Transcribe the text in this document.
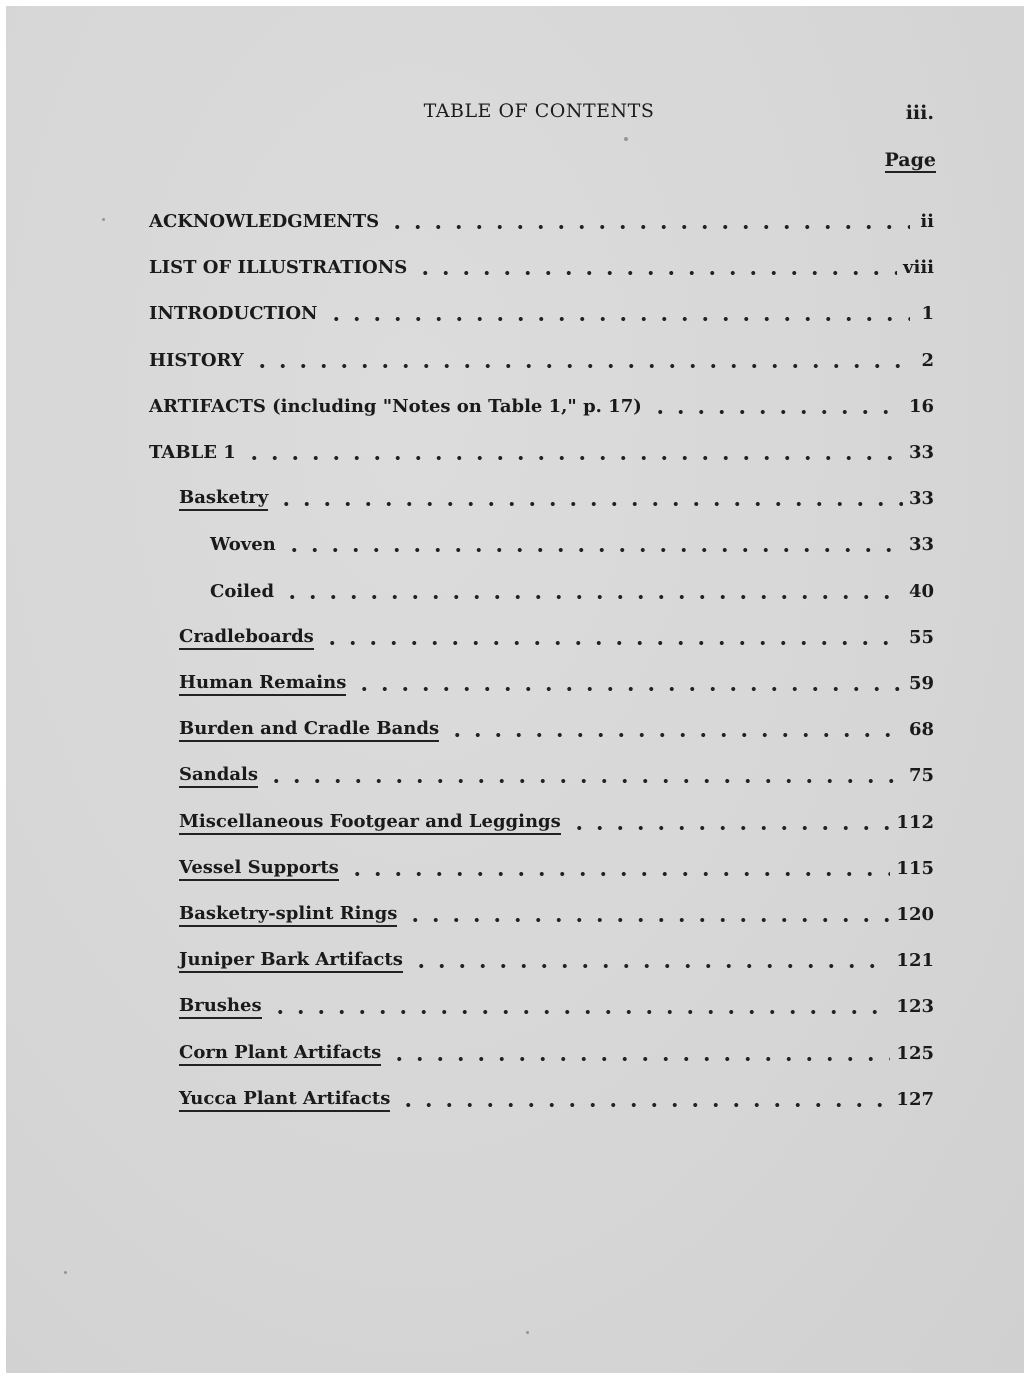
TABLE OF CONTENTS	iii.
Page
ACKNOWLEDGMENTS	ii
LIST OF ILLUSTRATIONS	viii
INTRODUCTION	1
HISTORY	2
ARTIFACTS (including "Notes on Table 1," p. 17)	16
TABLE 1	33
Basketry	33
Woven	33
Coiled	40
Cradleboards	55
Human Remains	59
Burden and Cradle Bands	68
Sandals	75
Miscellaneous Footgear and Leggings	112
Vessel Supports	115
Basketry-splint Rings	120
Juniper Bark Artifacts	121
Brushes	123
Corn Plant Artifacts	125
Yucca Plant Artifacts	127
